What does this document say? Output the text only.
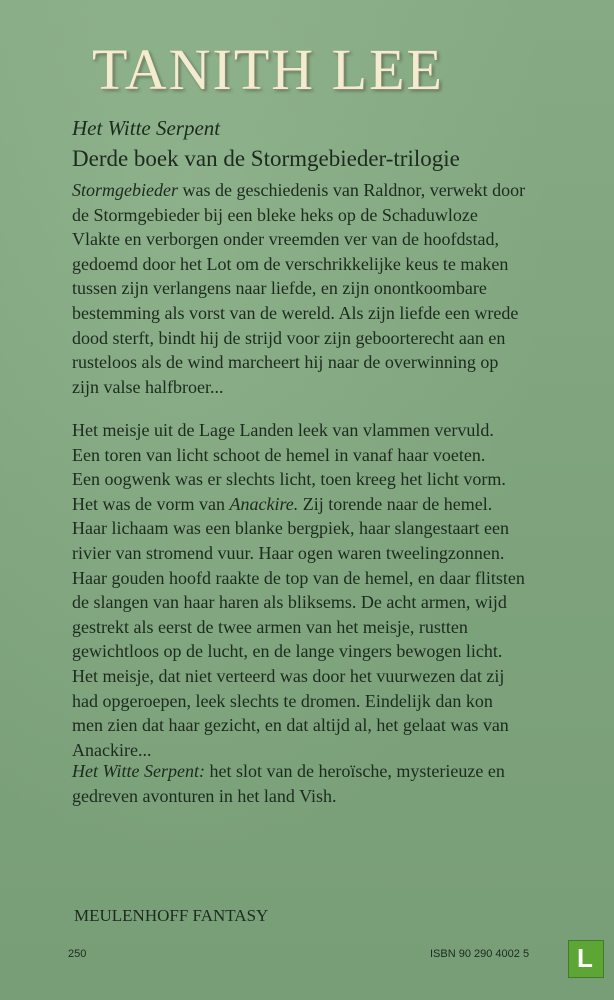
TANITH LEE
Het Witte Serpent
Derde boek van de Stormgebieder-trilogie
Stormgebieder was de geschiedenis van Raldnor, verwekt door
de Stormgebieder bij een bleke heks op de Schaduwloze
Vlakte en verborgen onder vreemden ver van de hoofdstad,
gedoemd door het Lot om de verschrikkelijke keus te maken
tussen zijn verlangens naar liefde, en zijn onontkoombare
bestemming als vorst van de wereld. Als zijn liefde een wrede
dood sterft, bindt hij de strijd voor zijn geboorterecht aan en
rusteloos als de wind marcheert hij naar de overwinning op
zijn valse halfbroer...
Het meisje uit de Lage Landen leek van vlammen vervuld.
Een toren van licht schoot de hemel in vanaf haar voeten.
Een oogwenk was er slechts licht, toen kreeg het licht vorm.
Het was de vorm van Anackire. Zij torende naar de hemel.
Haar lichaam was een blanke bergpiek, haar slangestaart een
rivier van stromend vuur. Haar ogen waren tweelingzonnen.
Haar gouden hoofd raakte de top van de hemel, en daar flitsten
de slangen van haar haren als bliksems. De acht armen, wijd
gestrekt als eerst de twee armen van het meisje, rustten
gewichtloos op de lucht, en de lange vingers bewogen licht.
Het meisje, dat niet verteerd was door het vuurwezen dat zij
had opgeroepen, leek slechts te dromen. Eindelijk dan kon
men zien dat haar gezicht, en dat altijd al, het gelaat was van
Anackire...
Het Witte Serpent: het slot van de heroïsche, mysterieuze en
gedreven avonturen in het land Vish.
MEULENHOFF FANTASY
250	ISBN 90 290 4002 5 L
